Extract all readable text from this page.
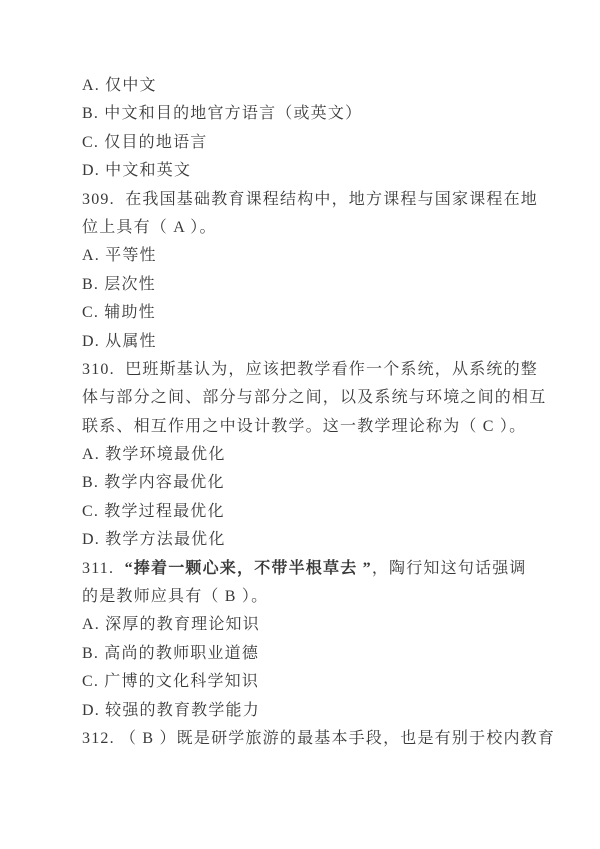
A. 仅中文
B. 中文和目的地官方语言（或英文）
C. 仅目的地语言
D. 中文和英文
309.  在我国基础教育课程结构中，地方课程与国家课程在地
位上具有（ A ）。
A. 平等性
B. 层次性
C. 辅助性
D. 从属性
310.  巴班斯基认为，应该把教学看作一个系统，从系统的整
体与部分之间、部分与部分之间，以及系统与环境之间的相互
联系、相互作用之中设计教学。这一教学理论称为（ C ）。
A. 教学环境最优化
B. 教学内容最优化
C. 教学过程最优化
D. 教学方法最优化
311.  “捧着一颗心来，不带半根草去 ”，陶行知这句话强调
的是教师应具有（ B ）。
A. 深厚的教育理论知识
B. 高尚的教师职业道德
C. 广博的文化科学知识
D. 较强的教育教学能力
312. （ B ）既是研学旅游的最基本手段，也是有别于校内教育
